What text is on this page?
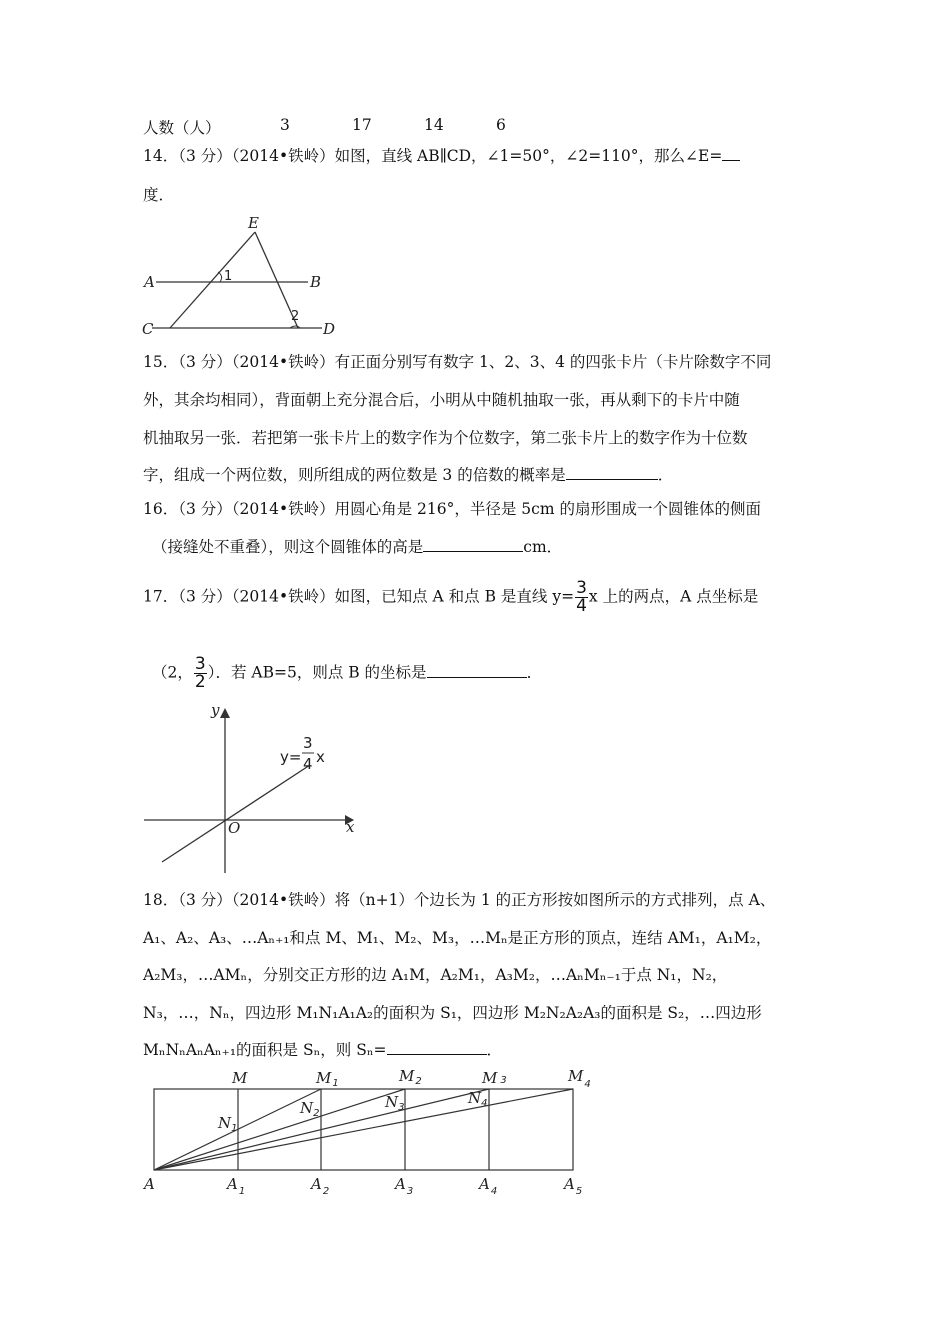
人数（人）	3	17	14	6
14．（3 分）（2014•铁岭）如图，直线 AB∥CD，∠1=50°，∠2=110°，那么∠E=
度．
E
A	B
C	D
1
2
15．（3 分）（2014•铁岭）有正面分别写有数字 1、2、3、4 的四张卡片（卡片除数字不同
外，其余均相同），背面朝上充分混合后，小明从中随机抽取一张，再从剩下的卡片中随
机抽取另一张．若把第一张卡片上的数字作为个位数字，第二张卡片上的数字作为十位数
字，组成一个两位数，则所组成的两位数是 3 的倍数的概率是	．
16．（3 分）（2014•铁岭）用圆心角是 216°，半径是 5cm 的扇形围成一个圆锥体的侧面
（接缝处不重叠），则这个圆锥体的高是	cm．
17．（3 分）（2014•铁岭）如图，已知点 A 和点 B 是直线 $y= \frac{3}{4}$ x 上的两点，A 点坐标是
（2， $\frac{3}{2}$ ）．若 AB=5，则点 B 的坐标是	．
y
x
O
y=
3
4 x
18．（3 分）（2014•铁岭）将（n+1）个边长为 1 的正方形按如图所示的方式排列，点 A、
A₁、A₂、A₃、…Aₙ₊₁和点 M、M₁、M₂、M₃，…Mₙ是正方形的顶点，连结 AM₁，A₁M₂，
A₂M₃，…AMₙ，分别交正方形的边 A₁M，A₂M₁，A₃M₂，…AₙMₙ₋₁于点 N₁，N₂，
N₃，…，Nₙ，四边形 M₁N₁A₁A₂的面积为 S₁，四边形 M₂N₂A₂A₃的面积是 S₂，…四边形
MₙNₙAₙAₙ₊₁的面积是 Sₙ，则 Sₙ=	．
M	$M_1$	$M_2$	M 3	$M_4$
A	$A_1$	$A_2$	$A_3$	$A_4$	$A_5$
$N_1$
$N_2$
$N_3$
$N_4$
